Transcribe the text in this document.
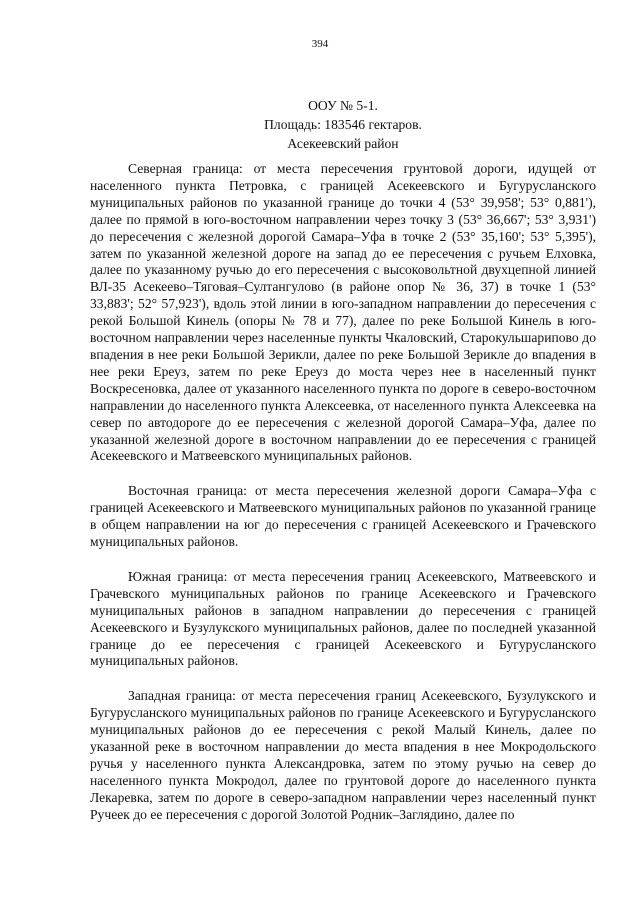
394
ООУ № 5-1.
Площадь: 183546 гектаров.
Асекеевский район

Северная граница: от места пересечения грунтовой дороги, идущей от населенного пункта Петровка, с границей Асекеевского и Бугурусланского муниципальных районов по указанной границе до точки 4 (53° 39,958'; 53° 0,881'), далее по прямой в юго-восточном направлении через точку 3 (53° 36,667'; 53° 3,931') до пересечения с железной дорогой Самара–Уфа в точке 2 (53° 35,160'; 53° 5,395'), затем по указанной железной дороге на запад до ее пересечения с ручьем Елховка, далее по указанному ручью до его пересечения с высоковольтной двухцепной линией ВЛ-35 Асекеево–Тяговая–Султангулово (в районе опор № 36, 37) в точке 1 (53° 33,883'; 52° 57,923'), вдоль этой линии в юго-западном направлении до пересечения с рекой Большой Кинель (опоры № 78 и 77), далее по реке Большой Кинель в юго-восточном направлении через населенные пункты Чкаловский, Старокульшарипово до впадения в нее реки Большой Зерикли, далее по реке Большой Зерикле до впадения в нее реки Ереуз, затем по реке Ереуз до моста через нее в населенный пункт Воскресеновка, далее от указанного населенного пункта по дороге в северо-восточном направлении до населенного пункта Алексеевка, от населенного пункта Алексеевка на север по автодороге до ее пересечения с железной дорогой Самара–Уфа, далее по указанной железной дороге в восточном направлении до ее пересечения с границей Асекеевского и Матвеевского муниципальных районов.

Восточная граница: от места пересечения железной дороги Самара–Уфа с границей Асекеевского и Матвеевского муниципальных районов по указанной границе в общем направлении на юг до пересечения с границей Асекеевского и Грачевского муниципальных районов.

Южная граница: от места пересечения границ Асекеевского, Матвеевского и Грачевского муниципальных районов по границе Асекеевского и Грачевского муниципальных районов в западном направлении до пересечения с границей Асекеевского и Бузулукского муниципальных районов, далее по последней указанной границе до ее пересечения с границей Асекеевского и Бугурусланского муниципальных районов.

Западная граница: от места пересечения границ Асекеевского, Бузулукского и Бугурусланского муниципальных районов по границе Асекеевского и Бугурусланского муниципальных районов до ее пересечения с рекой Малый Кинель, далее по указанной реке в восточном направлении до места впадения в нее Мокродольского ручья у населенного пункта Александровка, затем по этому ручью на север до населенного пункта Мокродол, далее по грунтовой дороге до населенного пункта Лекаревка, затем по дороге в северо-западном направлении через населенный пункт Ручеек до ее пересечения с дорогой Золотой Родник–Заглядино, далее по
